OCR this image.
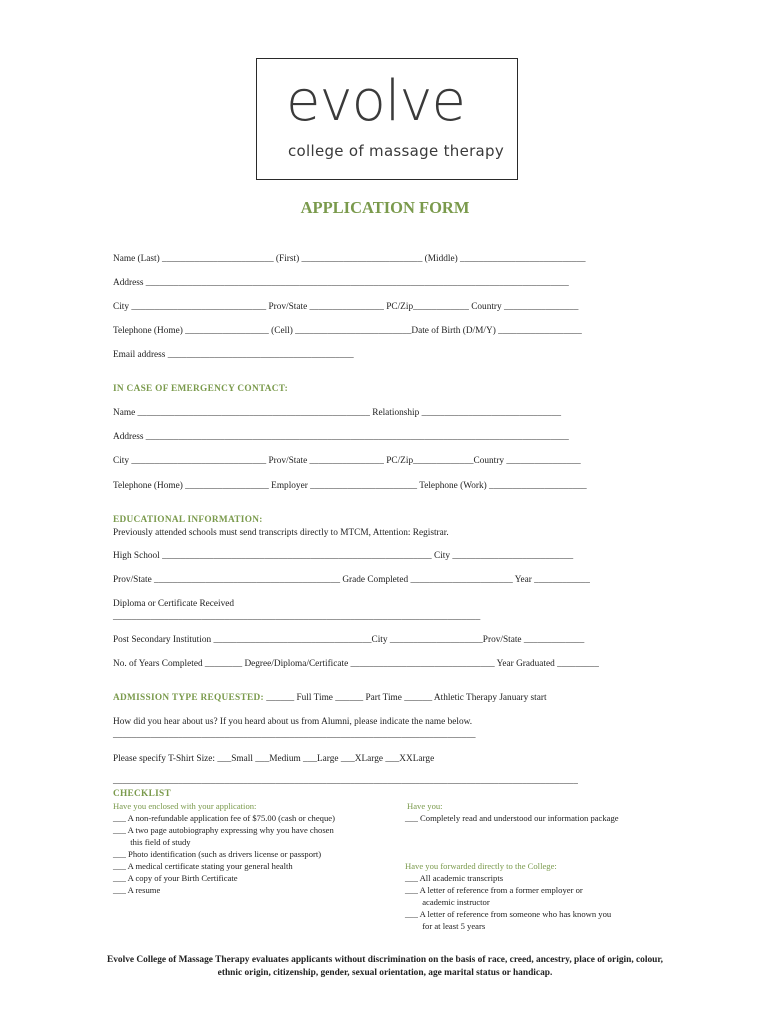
evolve
college of massage therapy
APPLICATION FORM
Name (Last) ________________________ (First) __________________________ (Middle) ___________________________
Address ___________________________________________________________________________________________
City _____________________________ Prov/State ________________ PC/Zip____________ Country ________________
Telephone (Home) __________________ (Cell) _________________________Date of Birth (D/M/Y) __________________
Email address ________________________________________
IN CASE OF EMERGENCY CONTACT:
Name __________________________________________________ Relationship ______________________________
Address ___________________________________________________________________________________________
City _____________________________ Prov/State ________________ PC/Zip_____________Country ________________
Telephone (Home) __________________ Employer _______________________ Telephone (Work) _____________________
EDUCATIONAL INFORMATION:
Previously attended schools must send transcripts directly to MTCM, Attention: Registrar.
High School __________________________________________________________ City __________________________
Prov/State ________________________________________ Grade Completed ______________________ Year ____________
Diploma or Certificate Received
_______________________________________________________________________________
Post Secondary Institution __________________________________City ____________________Prov/State _____________
No. of Years Completed ________ Degree/Diploma/Certificate _______________________________ Year Graduated _________
ADMISSION TYPE REQUESTED: ______ Full Time ______ Part Time ______ Athletic Therapy January start
How did you hear about us? If you heard about us from Alumni, please indicate the name below.
______________________________________________________________________________
Please specify T-Shirt Size: ___Small ___Medium ___Large ___XLarge ___XXLarge
____________________________________________________________________________________________________
CHECKLIST
Have you enclosed with your application:
___ A non-refundable application fee of $75.00 (cash or cheque)
___ A two page autobiography expressing why you have chosen
this field of study
___ Photo identification (such as drivers license or passport)
___ A medical certificate stating your general health
___ A copy of your Birth Certificate
___ A resume
Have you:
___ Completely read and understood our information package
Have you forwarded directly to the College:
___ All academic transcripts
___ A letter of reference from a former employer or
academic instructor
___ A letter of reference from someone who has known you
for at least 5 years
Evolve College of Massage Therapy evaluates applicants without discrimination on the basis of race, creed, ancestry, place of origin, colour, ethnic origin, citizenship, gender, sexual orientation, age marital status or handicap.
